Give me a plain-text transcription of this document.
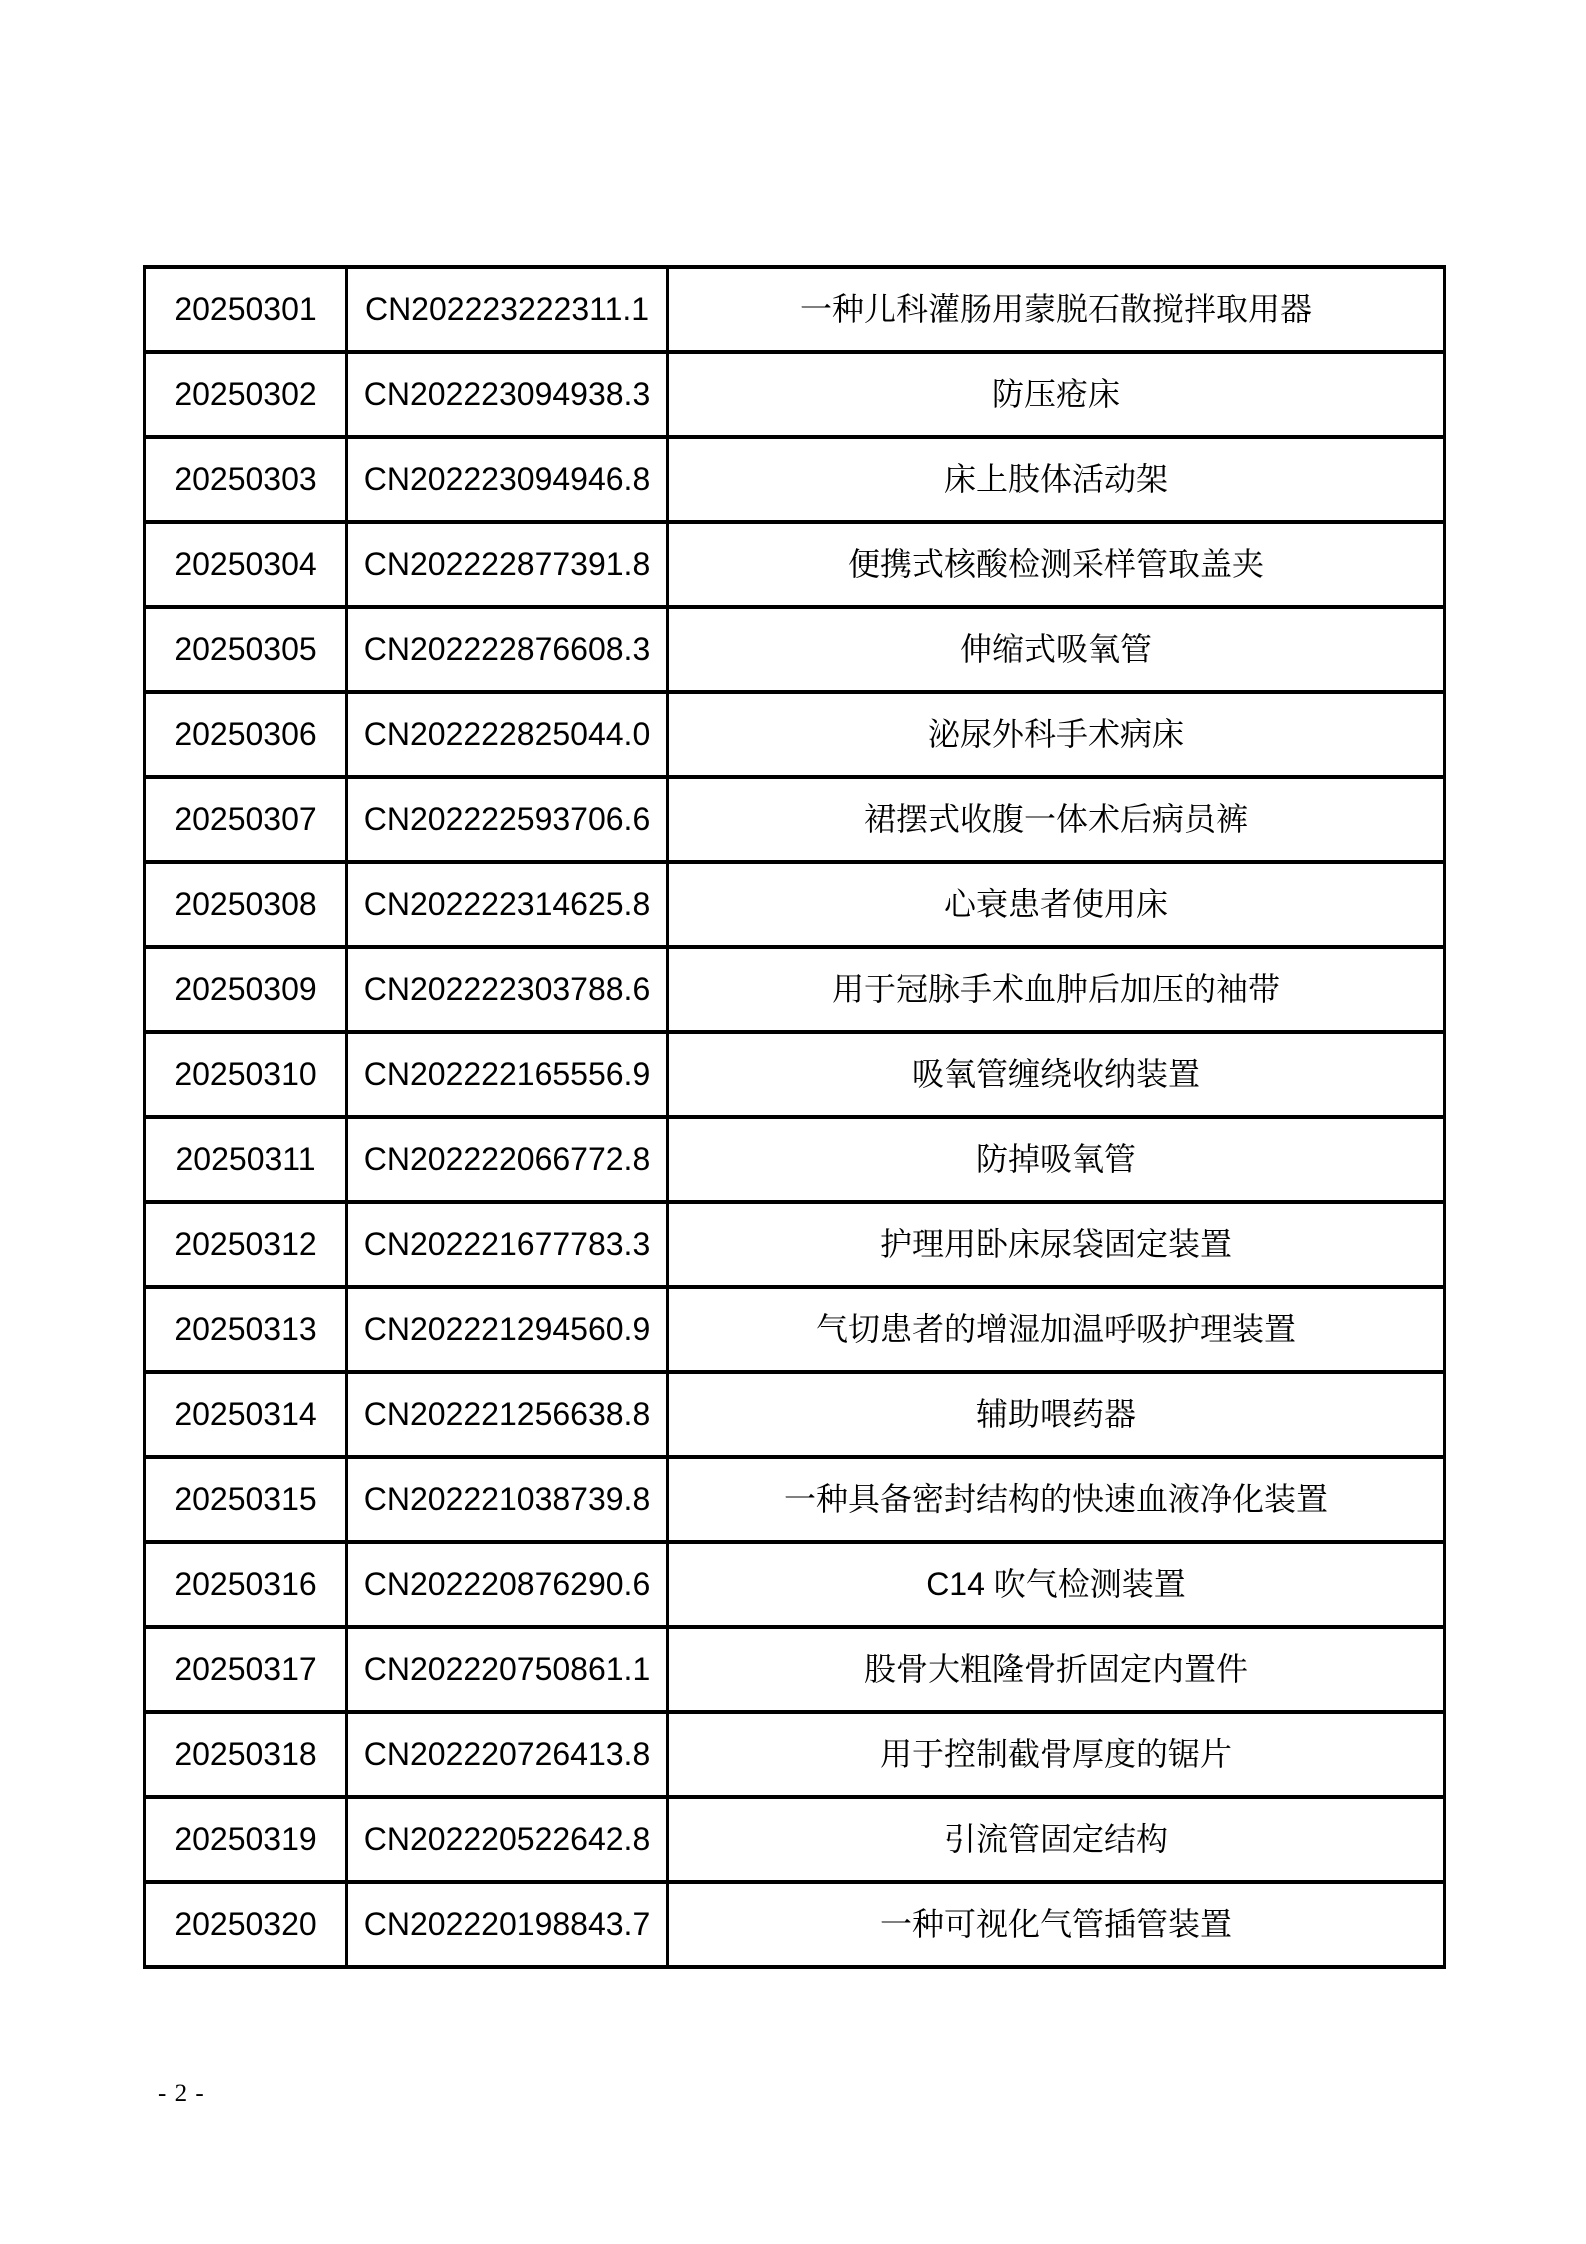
20250301	CN202223222311.1	一种儿科灌肠用蒙脱石散搅拌取用器
20250302	CN202223094938.3	防压疮床
20250303	CN202223094946.8	床上肢体活动架
20250304	CN202222877391.8	便携式核酸检测采样管取盖夹
20250305	CN202222876608.3	伸缩式吸氧管
20250306	CN202222825044.0	泌尿外科手术病床
20250307	CN202222593706.6	裙摆式收腹一体术后病员裤
20250308	CN202222314625.8	心衰患者使用床
20250309	CN202222303788.6	用于冠脉手术血肿后加压的袖带
20250310	CN202222165556.9	吸氧管缠绕收纳装置
20250311	CN202222066772.8	防掉吸氧管
20250312	CN202221677783.3	护理用卧床尿袋固定装置
20250313	CN202221294560.9	气切患者的增湿加温呼吸护理装置
20250314	CN202221256638.8	辅助喂药器
20250315	CN202221038739.8	一种具备密封结构的快速血液净化装置
20250316	CN202220876290.6	C14 吹气检测装置
20250317	CN202220750861.1	股骨大粗隆骨折固定内置件
20250318	CN202220726413.8	用于控制截骨厚度的锯片
20250319	CN202220522642.8	引流管固定结构
20250320	CN202220198843.7	一种可视化气管插管装置
- 2 -
